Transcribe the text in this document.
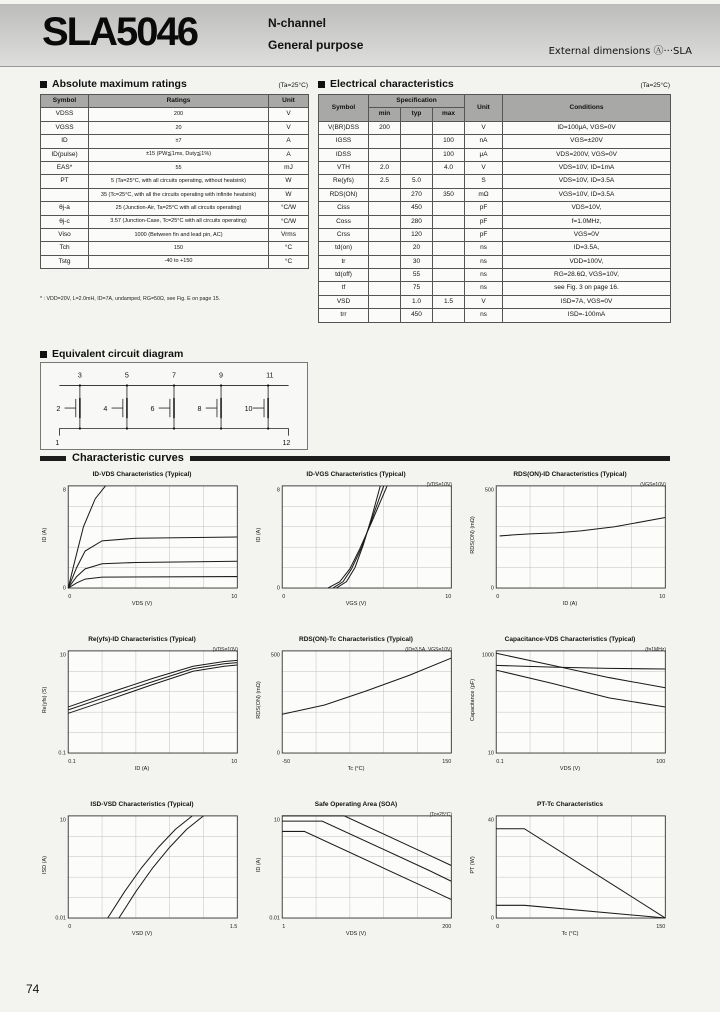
SLA5046	N-channel
General purpose	External dimensions Ⓐ···SLA
Absolute maximum ratings	(Ta=25°C)
Symbol	Ratings	Unit
VDSS	200	V
VGSS	20	V
ID	±7	A
ID(pulse)	±15 (PW≦1ms, Duty≦1%)	A
EAS*	55	mJ
PT	5 (Ta=25°C, with all circuits operating, without heatsink)	W
	35 (Tc=25°C, with all the circuits operating with infinite heatsink)	W
θj-a	25 (Junction-Air, Ta=25°C with all circuits operating)	°C/W
θj-c	3.57 (Junction-Case, Tc=25°C with all circuits operating)	°C/W
Viso	1000 (Between fin and lead pin, AC)	Vrms
Tch	150	°C
Tstg	-40 to +150	°C
* : VDD=20V, L=2.0mH, ID=7A, undamped, RG=50Ω, see Fig. E on page 15.
Electrical characteristics	(Ta=25°C)
Symbol	Specification			Unit	Conditions
	min	typ	max		
V(BR)DSS	200			V	ID=100μA, VGS=0V
IGSS			100	nA	VGS=±20V
IDSS			100	μA	VDS=200V, VGS=0V
VTH	2.0		4.0	V	VDS=10V, ID=1mA
Re(yfs)	2.5	5.0		S	VDS=10V, ID=3.5A
RDS(ON)		270	350	mΩ	VGS=10V, ID=3.5A
Ciss		450		pF	VDS=10V,
Coss		280		pF	f=1.0MHz,
Crss		120		pF	VGS=0V
td(on)		20		ns	ID=3.5A,
tr		30		ns	VDD=100V,
td(off)		55		ns	RG=28.6Ω, VGS=10V,
tf		75		ns	see Fig. 3 on page 16.
VSD		1.0	1.5	V	ISD=7A, VGS=0V
trr		450		ns	ISD=-100mA
Equivalent circuit diagram
3	5	7	9	11
2	4	6	8	10
1	12
Characteristic curves
ID-VDS Characteristics (Typical)
ID (A)
0	10
0
8
VDS (V)
ID-VGS Characteristics (Typical)
(VDS=10V)
ID (A)
0	10
0
8
VGS (V)
RDS(ON)-ID Characteristics (Typical)
(VGS=10V)
RDS(ON) (mΩ)
0	10
0
500
ID (A)
Re(yfs)-ID Characteristics (Typical)
(VDS=10V)
Re(yfs) (S)
0.1	10
0.1
10
ID (A)
RDS(ON)-Tc Characteristics (Typical)
(ID=3.5A, VGS=10V)
RDS(ON) (mΩ)
-50	150
0
500
Tc (°C)
Capacitance-VDS Characteristics (Typical)
(f=1MHz)
Capacitance (pF)
0.1	100
10
1000
VDS (V)
ISD-VSD Characteristics (Typical)
ISD (A)
0	1.5
0.01
10
VSD (V)
Safe Operating Area (SOA)
(Tc=25°C)
ID (A)
1	200
0.01
10
VDS (V)
PT-Tc Characteristics
PT (W)
0	150
0
40
Tc (°C)
74
